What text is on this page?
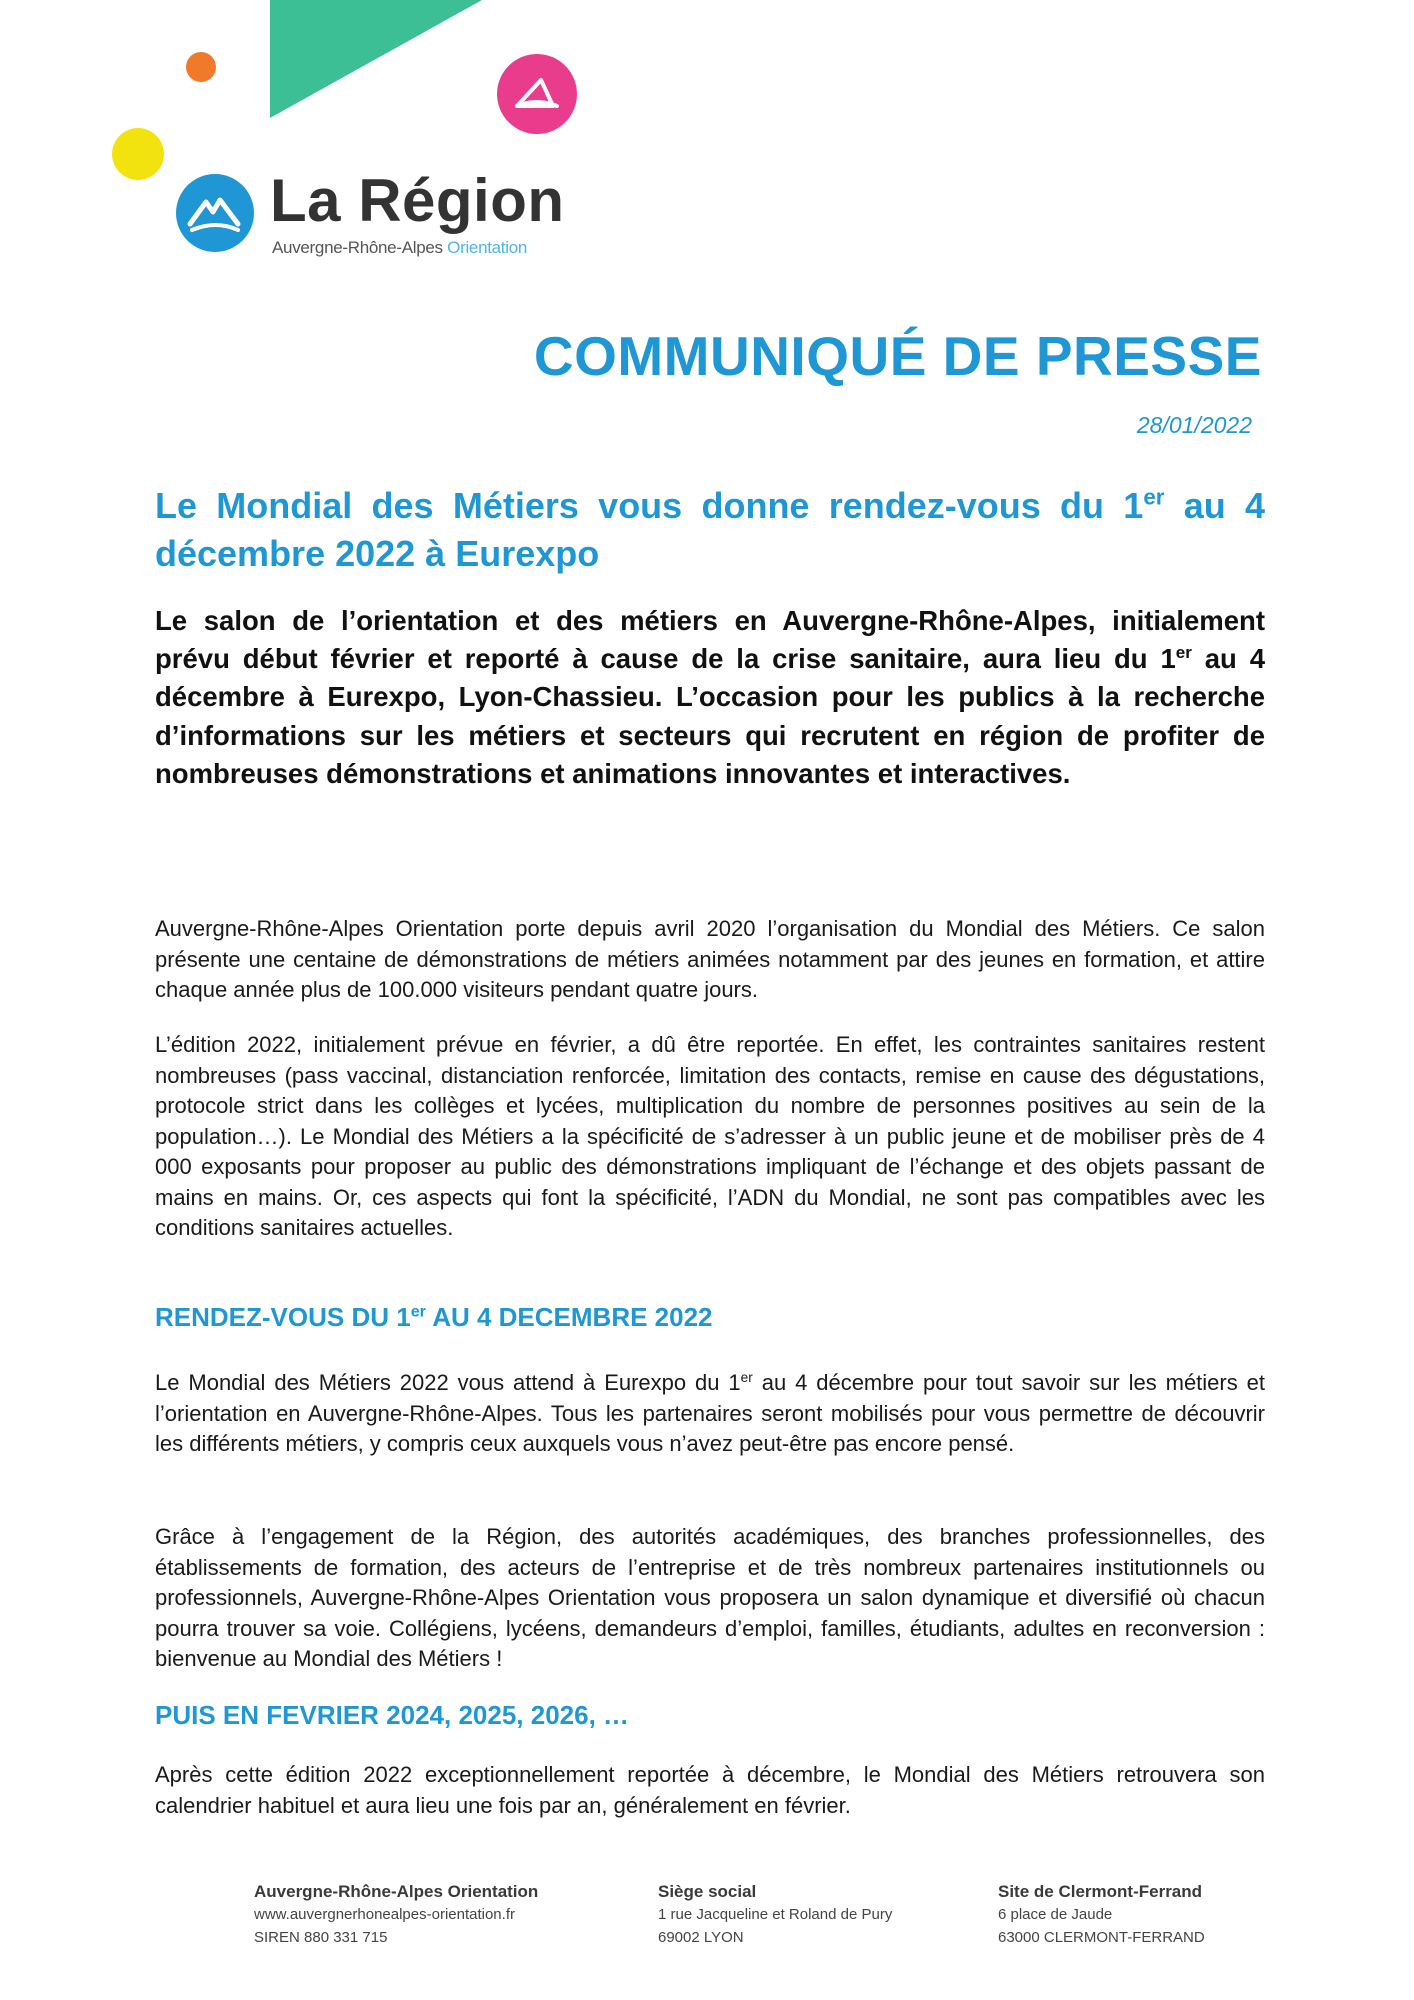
La Région
Auvergne-Rhône-Alpes Orientation
COMMUNIQUÉ DE PRESSE
28/01/2022
Le Mondial des Métiers vous donne rendez-vous du 1er au 4 décembre 2022 à Eurexpo
Le salon de l’orientation et des métiers en Auvergne-Rhône-Alpes, initialement prévu début février et reporté à cause de la crise sanitaire, aura lieu du 1er au 4 décembre à Eurexpo, Lyon-Chassieu. L’occasion pour les publics à la recherche d’informations sur les métiers et secteurs qui recrutent en région de profiter de nombreuses démonstrations et animations innovantes et interactives.
Auvergne-Rhône-Alpes Orientation porte depuis avril 2020 l’organisation du Mondial des Métiers. Ce salon présente une centaine de démonstrations de métiers animées notamment par des jeunes en formation, et attire chaque année plus de 100.000 visiteurs pendant quatre jours.
L’édition 2022, initialement prévue en février, a dû être reportée. En effet, les contraintes sanitaires restent nombreuses (pass vaccinal, distanciation renforcée, limitation des contacts, remise en cause des dégustations, protocole strict dans les collèges et lycées, multiplication du nombre de personnes positives au sein de la population…). Le Mondial des Métiers a la spécificité de s’adresser à un public jeune et de mobiliser près de 4 000 exposants pour proposer au public des démonstrations impliquant de l’échange et des objets passant de mains en mains. Or, ces aspects qui font la spécificité, l’ADN du Mondial, ne sont pas compatibles avec les conditions sanitaires actuelles.
RENDEZ-VOUS DU 1er AU 4 DECEMBRE 2022
Le Mondial des Métiers 2022 vous attend à Eurexpo du 1er au 4 décembre pour tout savoir sur les métiers et l’orientation en Auvergne-Rhône-Alpes. Tous les partenaires seront mobilisés pour vous permettre de découvrir les différents métiers, y compris ceux auxquels vous n’avez peut-être pas encore pensé.
Grâce à l’engagement de la Région, des autorités académiques, des branches professionnelles, des établissements de formation, des acteurs de l’entreprise et de très nombreux partenaires institutionnels ou professionnels, Auvergne-Rhône-Alpes Orientation vous proposera un salon dynamique et diversifié où chacun pourra trouver sa voie. Collégiens, lycéens, demandeurs d’emploi, familles, étudiants, adultes en reconversion : bienvenue au Mondial des Métiers !
PUIS EN FEVRIER 2024, 2025, 2026, …
Après cette édition 2022 exceptionnellement reportée à décembre, le Mondial des Métiers retrouvera son calendrier habituel et aura lieu une fois par an, généralement en février.
Auvergne-Rhône-Alpes Orientation
www.auvergnerhonealpes-orientation.fr
SIREN 880 331 715
Siège social
1 rue Jacqueline et Roland de Pury
69002 LYON
Site de Clermont-Ferrand
6 place de Jaude
63000 CLERMONT-FERRAND
